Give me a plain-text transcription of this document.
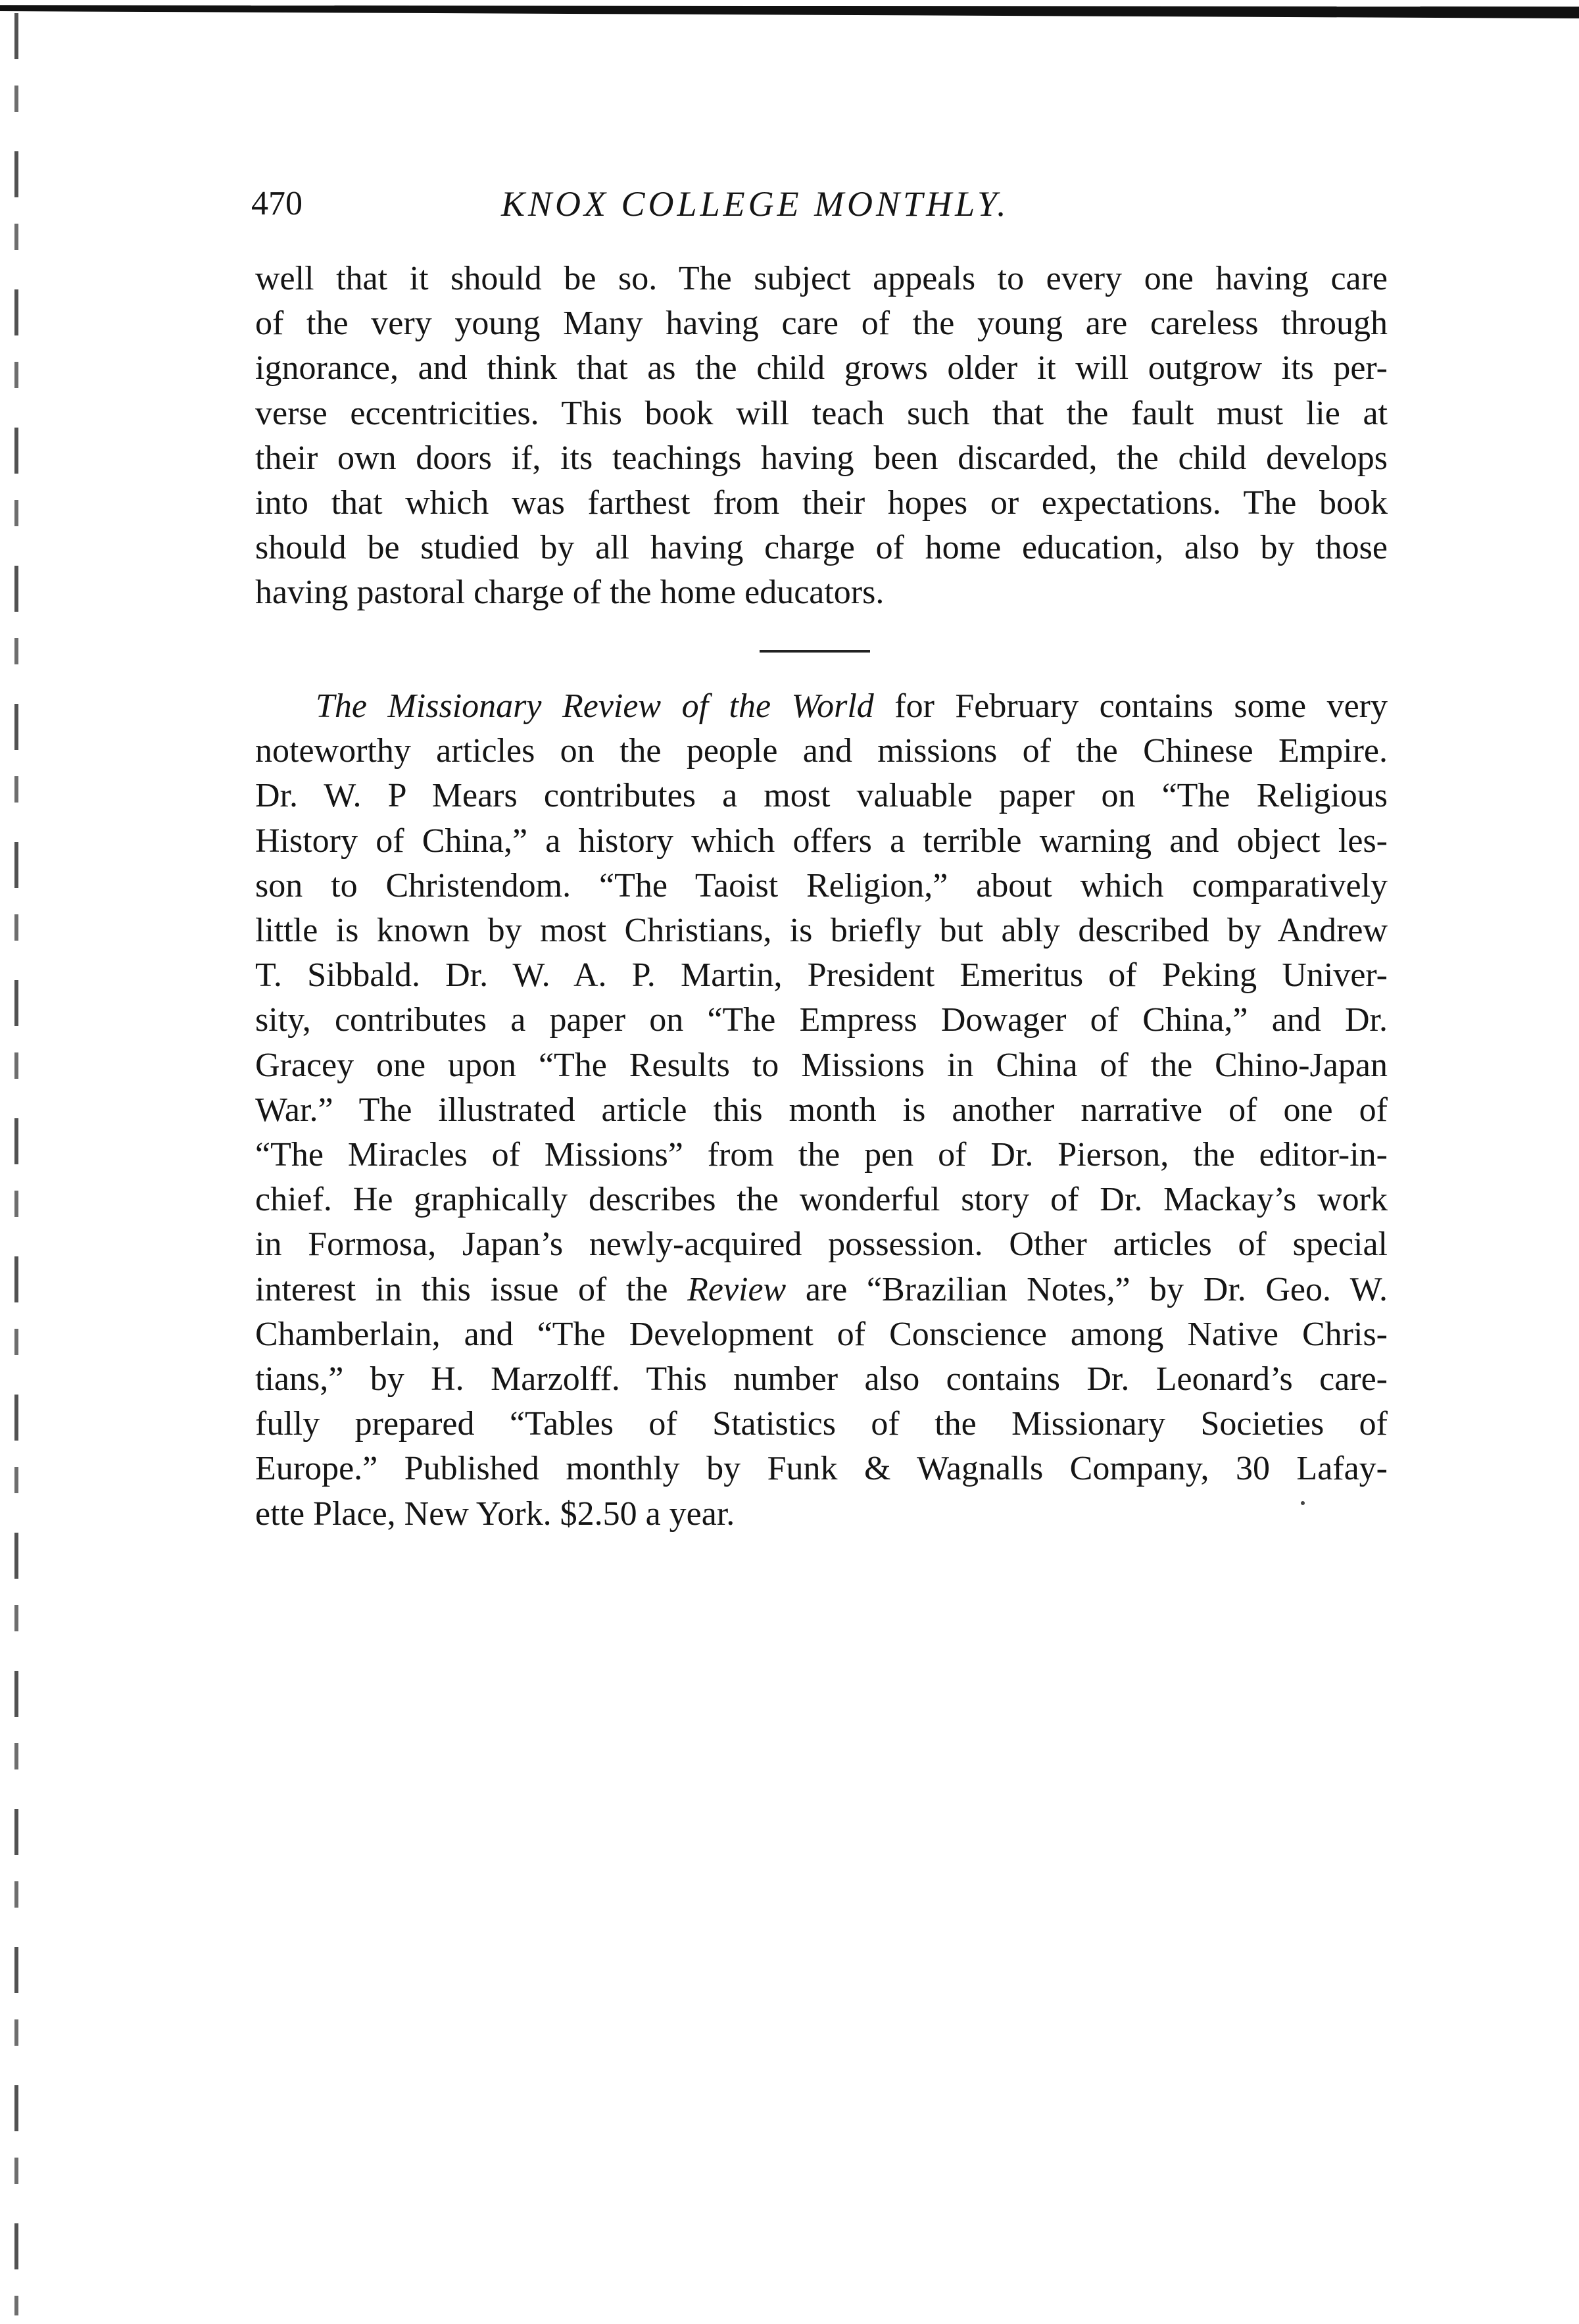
470	KNOX COLLEGE MONTHLY.
well that it should be so. The subject appeals to every one having care
of the very young Many having care of the young are careless through
ignorance, and think that as the child grows older it will outgrow its per-
verse eccentricities. This book will teach such that the fault must lie at
their own doors if, its teachings having been discarded, the child develops
into that which was farthest from their hopes or expectations. The book
should be studied by all having charge of home education, also by those
having pastoral charge of the home educators.
The Missionary Review of the World for February contains some very
noteworthy articles on the people and missions of the Chinese Empire.
Dr. W. P Mears contributes a most valuable paper on “The Religious
History of China,” a history which offers a terrible warning and object les-
son to Christendom. “The Taoist Religion,” about which comparatively
little is known by most Christians, is briefly but ably described by Andrew
T. Sibbald. Dr. W. A. P. Martin, President Emeritus of Peking Univer-
sity, contributes a paper on “The Empress Dowager of China,” and Dr.
Gracey one upon “The Results to Missions in China of the Chino-Japan
War.” The illustrated article this month is another narrative of one of
“The Miracles of Missions” from the pen of Dr. Pierson, the editor-in-
chief. He graphically describes the wonderful story of Dr. Mackay’s work
in Formosa, Japan’s newly-acquired possession. Other articles of special
interest in this issue of the Review are “Brazilian Notes,” by Dr. Geo. W.
Chamberlain, and “The Development of Conscience among Native Chris-
tians,” by H. Marzolff. This number also contains Dr. Leonard’s care-
fully prepared “Tables of Statistics of the Missionary Societies of
Europe.” Published monthly by Funk & Wagnalls Company, 30 Lafay-
ette Place, New York. $2.50 a year.
